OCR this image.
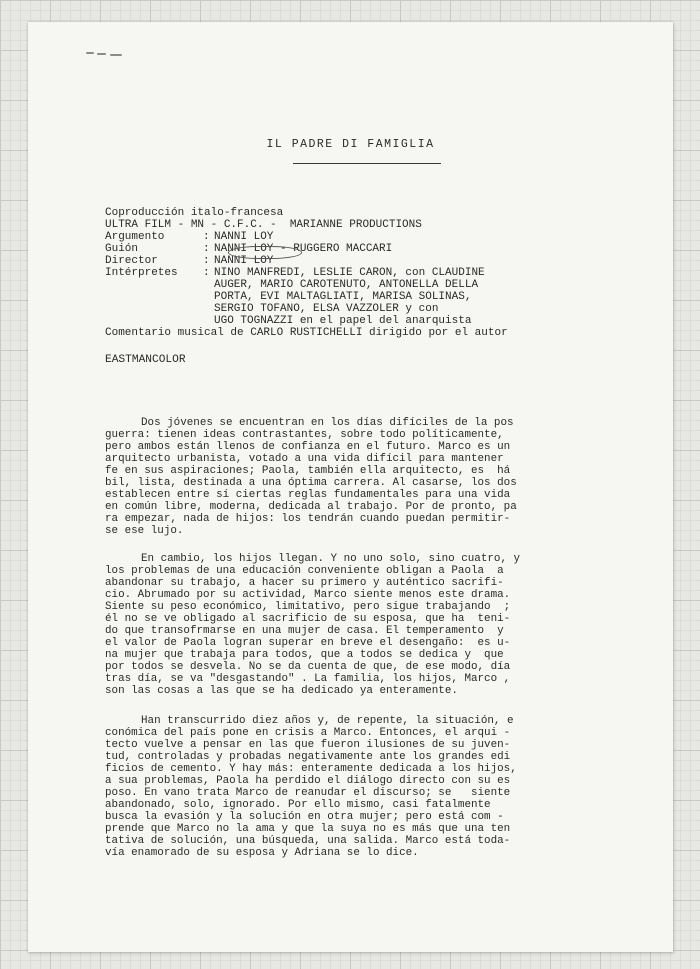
IL PADRE DI FAMIGLIA
Coproducción italo-francesa
ULTRA FILM - MN - C.F.C. -  MARIANNE PRODUCTIONS
Argumento	: NANNI LOY
Guión	: NANNI LOY - RUGGERO MACCARI
Director	: NANNI LOY
Intérpretes : NINO MANFREDI, LESLIE CARON, con CLAUDINE
AUGER, MARIO CAROTENUTO, ANTONELLA DELLA
PORTA, EVI MALTAGLIATI, MARISA SOLINAS,
SERGIO TOFANO, ELSA VAZZOLER y con
UGO TOGNAZZI en el papel del anarquista
Comentario musical de CARLO RUSTICHELLI dirigido por el autor
EASTMANCOLOR
Dos jóvenes se encuentran en los días difíciles de la pos
guerra: tienen ideas contrastantes, sobre todo políticamente,
pero ambos están llenos de confianza en el futuro. Marco es un
arquitecto urbanista, votado a una vida difícil para mantener
fe en sus aspiraciones; Paola, también ella arquitecto, es  há
bil, lista, destinada a una óptima carrera. Al casarse, los dos
establecen entre sí ciertas reglas fundamentales para una vida
en común libre, moderna, dedicada al trabajo. Por de pronto, pa
ra empezar, nada de hijos: los tendrán cuando puedan permitir-
se ese lujo.
En cambio, los hijos llegan. Y no uno solo, sino cuatro, y
los problemas de una educación conveniente obligan a Paola  a
abandonar su trabajo, a hacer su primero y auténtico sacrifi-
cio. Abrumado por su actividad, Marco siente menos este drama.
Siente su peso económico, limitativo, pero sigue trabajando  ;
él no se ve obligado al sacrificio de su esposa, que ha  teni-
do que transofrmarse en una mujer de casa. El temperamento  y
el valor de Paola logran superar en breve el desengaño:  es u-
na mujer que trabaja para todos, que a todos se dedica y  que
por todos se desvela. No se da cuenta de que, de ese modo, día
tras día, se va "desgastando" . La familia, los hijos, Marco ,
son las cosas a las que se ha dedicado ya enteramente.
Han transcurrido diez años y, de repente, la situación, e
conómica del país pone en crisis a Marco. Entonces, el arqui -
tecto vuelve a pensar en las que fueron ilusiones de su juven-
tud, controladas y probadas negativamente ante los grandes edi
ficios de cemento. Y hay más: enteramente dedicada a los hijos,
a sua problemas, Paola ha perdido el diálogo directo con su es
poso. En vano trata Marco de reanudar el discurso; se   siente
abandonado, solo, ignorado. Por ello mismo, casi fatalmente
busca la evasión y la solución en otra mujer; pero está com -
prende que Marco no la ama y que la suya no es más que una ten
tativa de solución, una búsqueda, una salida. Marco está toda-
vía enamorado de su esposa y Adriana se lo dice.
